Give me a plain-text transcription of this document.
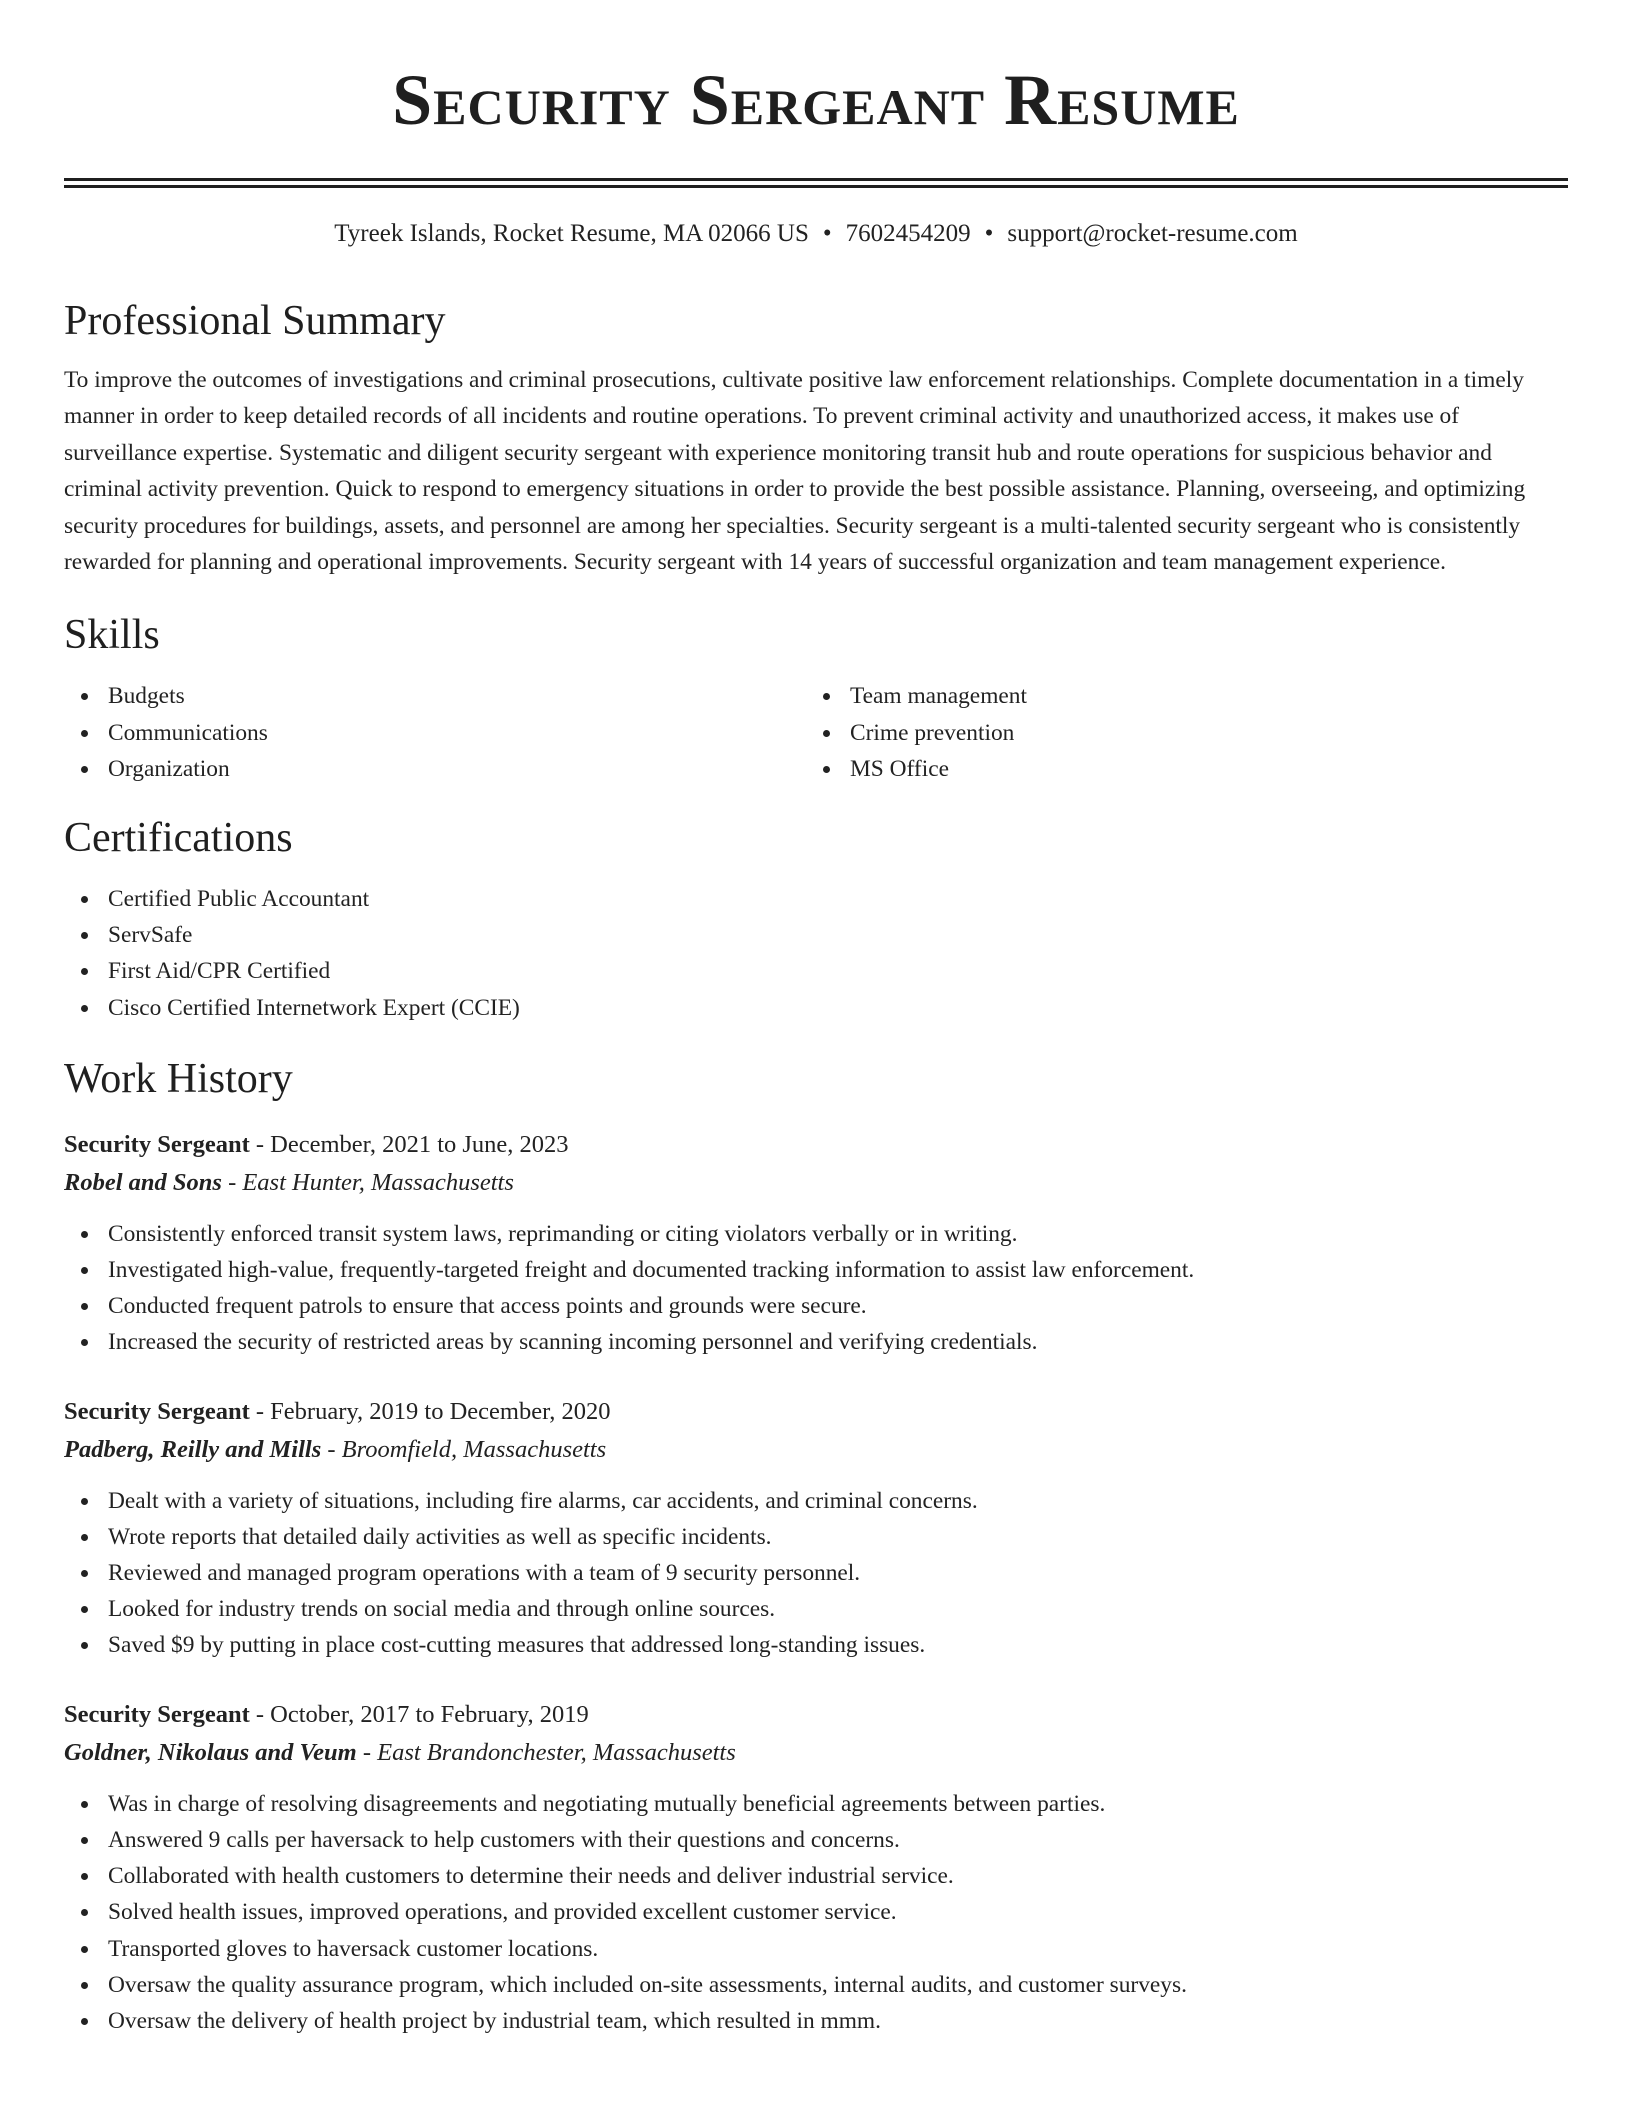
Security Sergeant Resume
Tyreek Islands, Rocket Resume, MA 02066 US • 7602454209 • support@rocket-resume.com
Professional Summary
To improve the outcomes of investigations and criminal prosecutions, cultivate positive law enforcement relationships. Complete documentation in a timely manner in order to keep detailed records of all incidents and routine operations. To prevent criminal activity and unauthorized access, it makes use of surveillance expertise. Systematic and diligent security sergeant with experience monitoring transit hub and route operations for suspicious behavior and criminal activity prevention. Quick to respond to emergency situations in order to provide the best possible assistance. Planning, overseeing, and optimizing security procedures for buildings, assets, and personnel are among her specialties. Security sergeant is a multi-talented security sergeant who is consistently rewarded for planning and operational improvements. Security sergeant with 14 years of successful organization and team management experience.
Skills
Budgets
Communications
Organization
Team management
Crime prevention
MS Office
Certifications
Certified Public Accountant
ServSafe
First Aid/CPR Certified
Cisco Certified Internetwork Expert (CCIE)
Work History
Security Sergeant - December, 2021 to June, 2023
Robel and Sons - East Hunter, Massachusetts
Consistently enforced transit system laws, reprimanding or citing violators verbally or in writing.
Investigated high-value, frequently-targeted freight and documented tracking information to assist law enforcement.
Conducted frequent patrols to ensure that access points and grounds were secure.
Increased the security of restricted areas by scanning incoming personnel and verifying credentials.
Security Sergeant - February, 2019 to December, 2020
Padberg, Reilly and Mills - Broomfield, Massachusetts
Dealt with a variety of situations, including fire alarms, car accidents, and criminal concerns.
Wrote reports that detailed daily activities as well as specific incidents.
Reviewed and managed program operations with a team of 9 security personnel.
Looked for industry trends on social media and through online sources.
Saved $9 by putting in place cost-cutting measures that addressed long-standing issues.
Security Sergeant - October, 2017 to February, 2019
Goldner, Nikolaus and Veum - East Brandonchester, Massachusetts
Was in charge of resolving disagreements and negotiating mutually beneficial agreements between parties.
Answered 9 calls per haversack to help customers with their questions and concerns.
Collaborated with health customers to determine their needs and deliver industrial service.
Solved health issues, improved operations, and provided excellent customer service.
Transported gloves to haversack customer locations.
Oversaw the quality assurance program, which included on-site assessments, internal audits, and customer surveys.
Oversaw the delivery of health project by industrial team, which resulted in mmm.
